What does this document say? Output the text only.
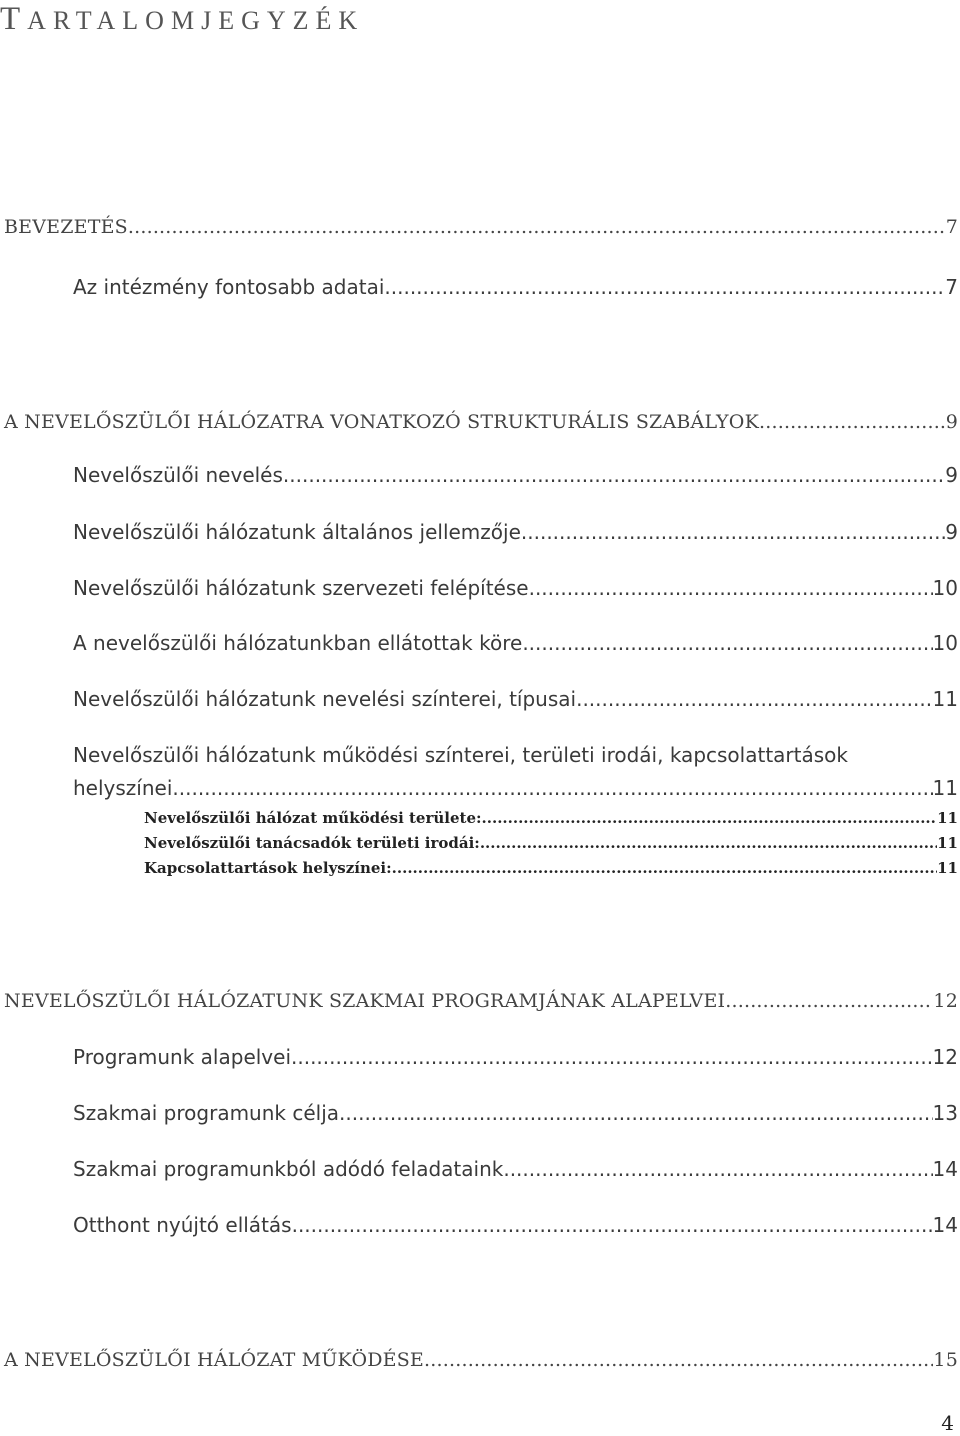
TARTALOMJEGYZÉK
BEVEZETÉS .....	7
Az intézmény fontosabb adatai .....	7
A NEVELŐSZÜLŐI HÁLÓZATRA VONATKOZÓ STRUKTURÁLIS SZABÁLYOK .....	9
Nevelőszülői nevelés .....	9
Nevelőszülői hálózatunk általános jellemzője .....	9
Nevelőszülői hálózatunk szervezeti felépítése .....	10
A nevelőszülői hálózatunkban ellátottak köre .....	10
Nevelőszülői hálózatunk nevelési színterei, típusai .....	11
Nevelőszülői hálózatunk működési színterei, területi irodái, kapcsolattartások
helyszínei .....	11
Nevelőszülői hálózat működési területe: .....	11
Nevelőszülői tanácsadók területi irodái: .....	11
Kapcsolattartások helyszínei: .....	11
NEVELŐSZÜLŐI HÁLÓZATUNK SZAKMAI PROGRAMJÁNAK ALAPELVEI .....	12
Programunk alapelvei .....	12
Szakmai programunk célja .....	13
Szakmai programunkból adódó feladataink .....	14
Otthont nyújtó ellátás .....	14
A NEVELŐSZÜLŐI HÁLÓZAT MŰKÖDÉSE .....	15
4
